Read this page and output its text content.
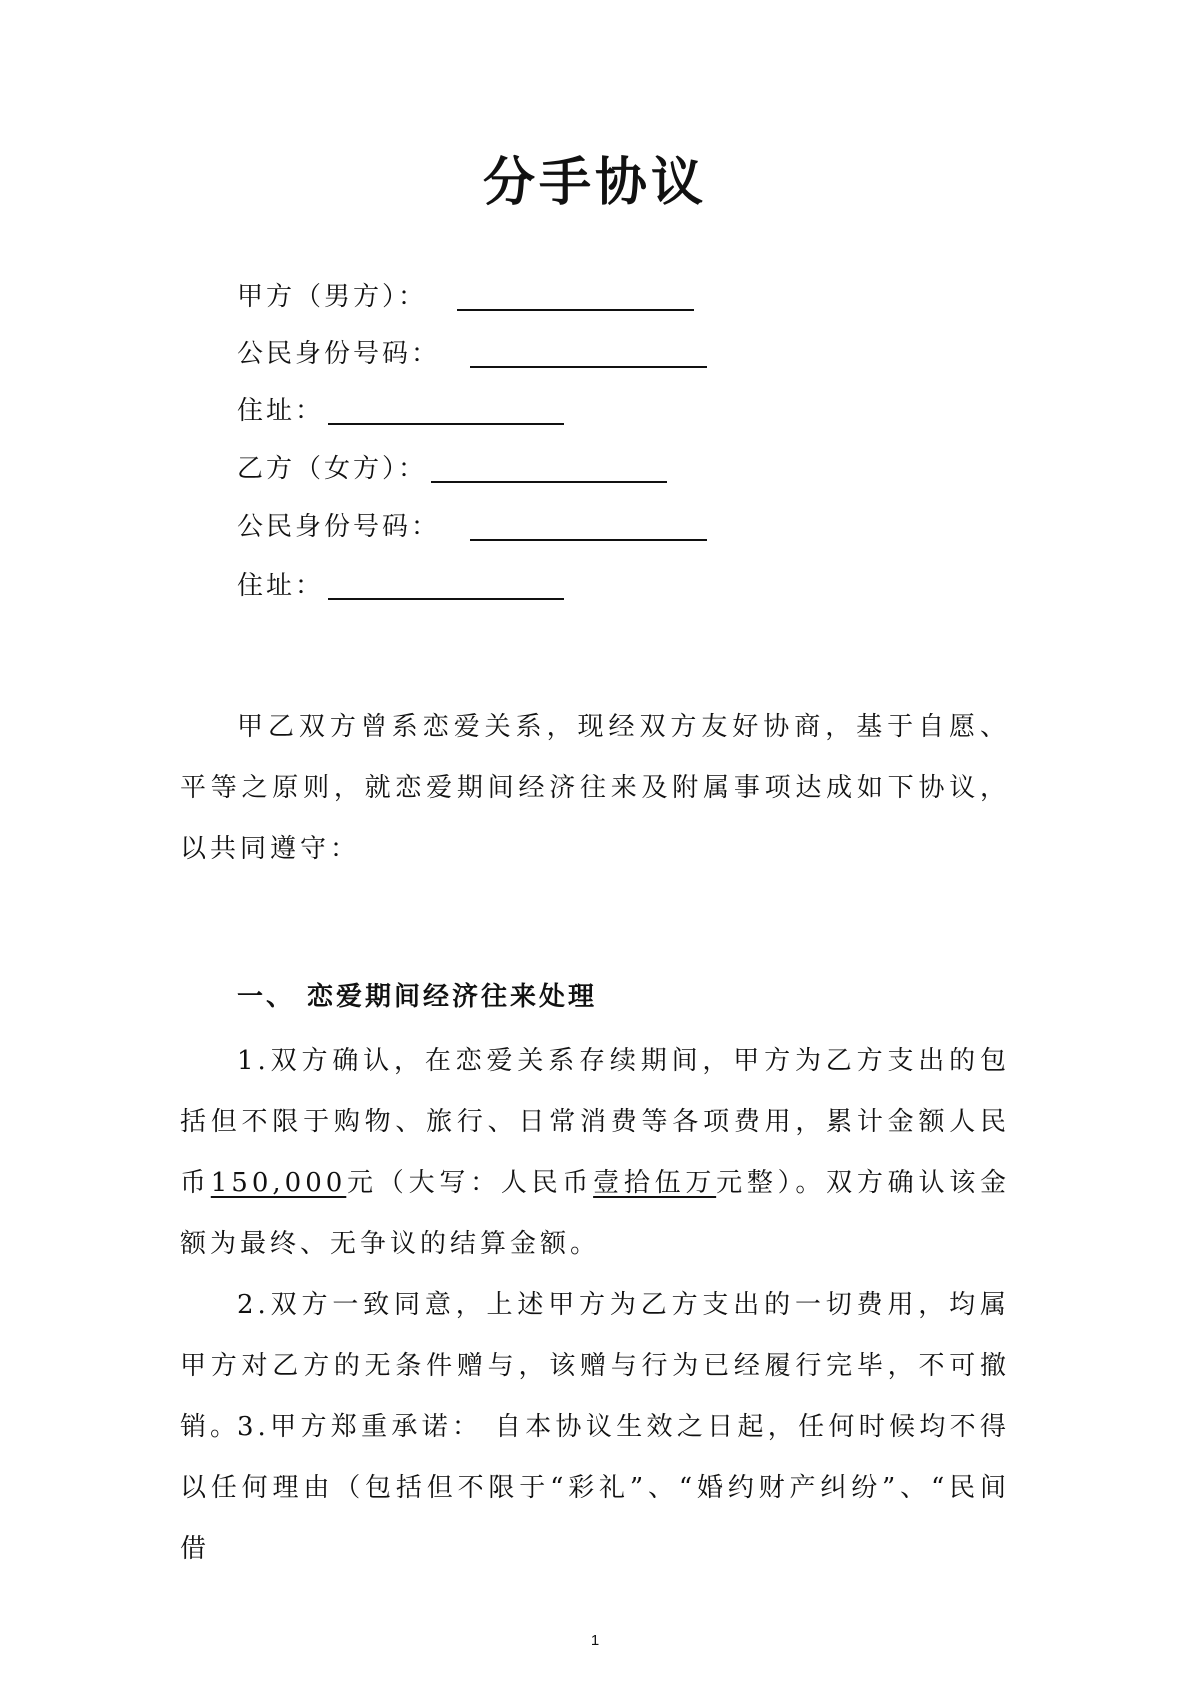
分手协议
甲方（男方）：
公民身份号码：
住址：
乙方（女方）：
公民身份号码：
住址：
甲乙双方曾系恋爱关系，现经双方友好协商，基于自愿、平等之原则，就恋爱期间经济往来及附属事项达成如下协议，以共同遵守：
一、 恋爱期间经济往来处理
1.双方确认，在恋爱关系存续期间，甲方为乙方支出的包括但不限于购物、旅行、日常消费等各项费用，累计金额人民币150,000元（大写：人民币壹拾伍万元整）。双方确认该金额为最终、无争议的结算金额。
2.双方一致同意，上述甲方为乙方支出的一切费用，均属甲方对乙方的无条件赠与，该赠与行为已经履行完毕，不可撤销。
3.甲方郑重承诺： 自本协议生效之日起，任何时候均不得以任何理由（包括但不限于“彩礼”、“婚约财产纠纷”、“民间借
1
